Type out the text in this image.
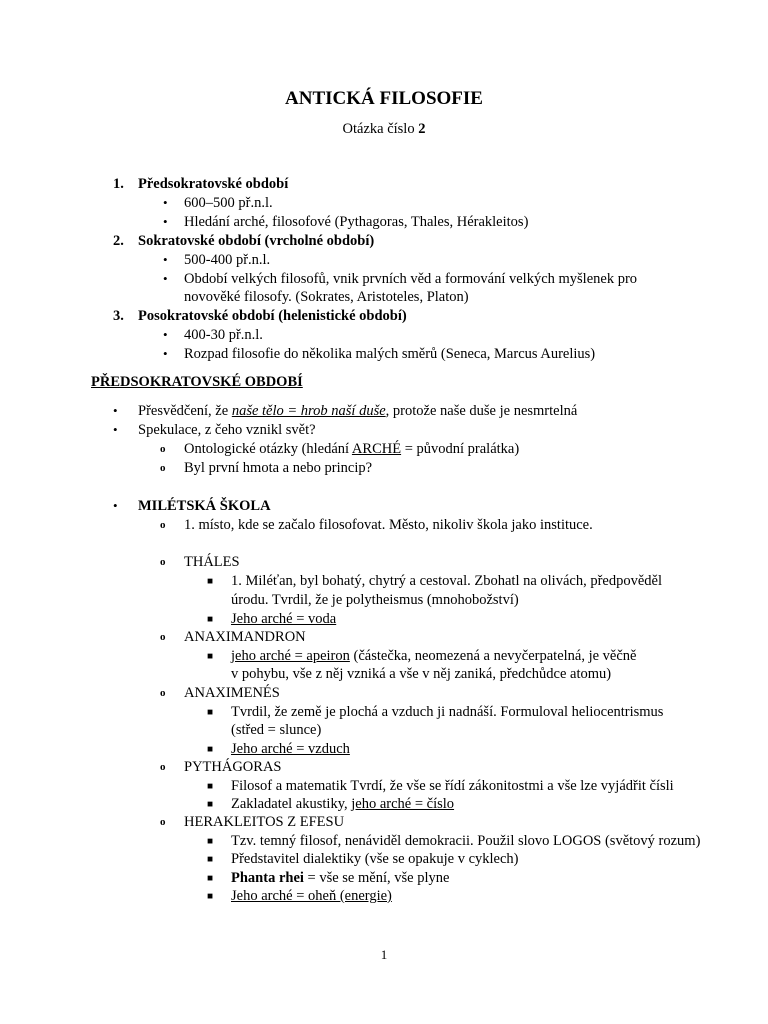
ANTICKÁ FILOSOFIE
Otázka číslo 2
1. Předsokratovské období
• 600–500 př.n.l.
• Hledání arché, filosofové (Pythagoras, Thales, Hérakleitos)
2. Sokratovské období (vrcholné období)
• 500-400 př.n.l.
• Období velkých filosofů, vnik prvních věd a formování velkých myšlenek pro
novověké filosofy. (Sokrates, Aristoteles, Platon)
3. Posokratovské období (helenistické období)
• 400-30 př.n.l.
• Rozpad filosofie do několika malých směrů (Seneca, Marcus Aurelius)
PŘEDSOKRATOVSKÉ OBDOBÍ
• Přesvědčení, že naše tělo = hrob naší duše, protože naše duše je nesmrtelná
• Spekulace, z čeho vznikl svět?
o Ontologické otázky (hledání ARCHÉ = původní pralátka)
o Byl první hmota a nebo princip?
• MILÉTSKÁ ŠKOLA
o 1. místo, kde se začalo filosofovat. Město, nikoliv škola jako instituce.
o THÁLES
■ 1. Miléťan, byl bohatý, chytrý a cestoval. Zbohatl na olivách, předpověděl
úrodu. Tvrdil, že je polytheismus (mnohobožství)
■ Jeho arché = voda
o ANAXIMANDRON
■ jeho arché = apeiron (částečka, neomezená a nevyčerpatelná, je věčně
v pohybu, vše z něj vzniká a vše v něj zaniká, předchůdce atomu)
o ANAXIMENÉS
■ Tvrdil, že země je plochá a vzduch ji nadnáší. Formuloval heliocentrismus
(střed = slunce)
■ Jeho arché = vzduch
o PYTHÁGORAS
■ Filosof a matematik Tvrdí, že vše se řídí zákonitostmi a vše lze vyjádřit čísli
■ Zakladatel akustiky, jeho arché = číslo
o HERAKLEITOS Z EFESU
■ Tzv. temný filosof, nenáviděl demokracii. Použil slovo LOGOS (světový rozum)
■ Představitel dialektiky (vše se opakuje v cyklech)
■ Phanta rhei = vše se mění, vše plyne
■ Jeho arché = oheň (energie)
1
